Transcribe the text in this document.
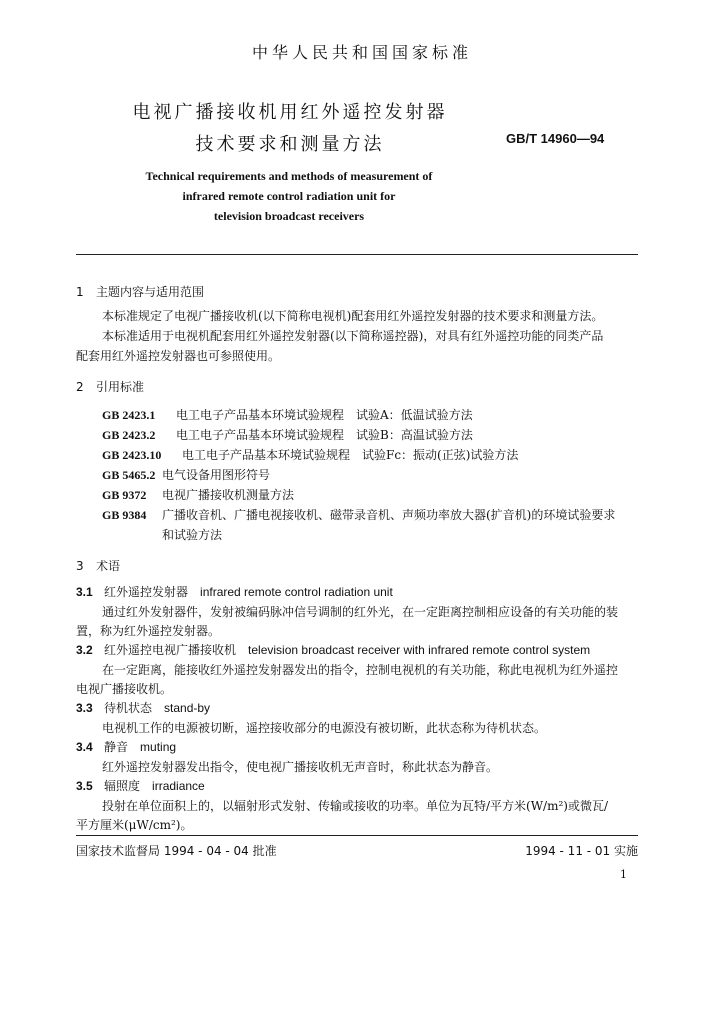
中华人民共和国国家标准
电视广播接收机用红外遥控发射器
技术要求和测量方法	GB/T 14960—94
Technical requirements and methods of measurement of
infrared remote control radiation unit for
television broadcast receivers
1 主题内容与适用范围
本标准规定了电视广播接收机(以下简称电视机)配套用红外遥控发射器的技术要求和测量方法。
本标准适用于电视机配套用红外遥控发射器(以下简称遥控器)，对具有红外遥控功能的同类产品
配套用红外遥控发射器也可参照使用。
2 引用标准
GB 2423.1 电工电子产品基本环境试验规程　试验A：低温试验方法
GB 2423.2 电工电子产品基本环境试验规程　试验B：高温试验方法
GB 2423.10 电工电子产品基本环境试验规程　试验Fc：振动(正弦)试验方法
GB 5465.2 电气设备用图形符号
GB 9372 电视广播接收机测量方法
GB 9384 广播收音机、广播电视接收机、磁带录音机、声频功率放大器(扩音机)的环境试验要求
和试验方法
3 术语
3.1 红外遥控发射器　 infrared remote control radiation unit
通过红外发射器件，发射被编码脉冲信号调制的红外光，在一定距离控制相应设备的有关功能的装
置，称为红外遥控发射器。
3.2 红外遥控电视广播接收机　 television broadcast receiver with infrared remote control system
在一定距离，能接收红外遥控发射器发出的指令，控制电视机的有关功能，称此电视机为红外遥控
电视广播接收机。
3.3 待机状态　 stand-by
电视机工作的电源被切断，遥控接收部分的电源没有被切断，此状态称为待机状态。
3.4 静音　 muting
红外遥控发射器发出指令，使电视广播接收机无声音时，称此状态为静音。
3.5 辐照度　 irradiance
投射在单位面积上的，以辐射形式发射、传输或接收的功率。单位为瓦特/平方米(W/m²)或微瓦/
平方厘米(μW/cm²)。
国家技术监督局 1994 - 04 - 04 批准	1994 - 11 - 01 实施
1
